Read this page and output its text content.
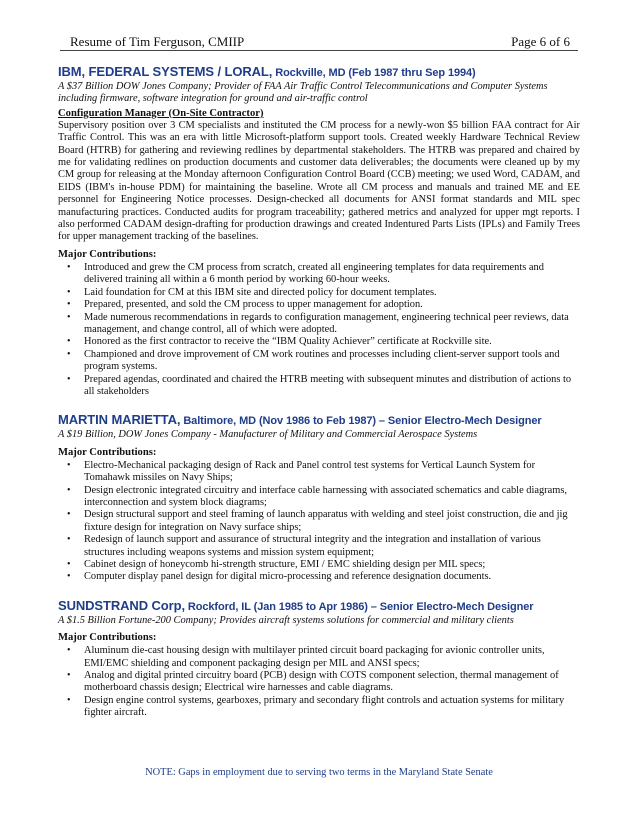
Resume of Tim Ferguson, CMIIP	Page 6 of 6
IBM, FEDERAL SYSTEMS / LORAL, Rockville, MD (Feb 1987 thru Sep 1994)
A $37 Billion DOW Jones Company; Provider of FAA Air Traffic Control Telecommunications and Computer Systems including firmware, software integration for ground and air-traffic control
Configuration Manager (On-Site Contractor)
Supervisory position over 3 CM specialists and instituted the CM process for a newly-won $5 billion FAA contract for Air Traffic Control. This was an era with little Microsoft-platform support tools. Created weekly Hardware Technical Review Board (HTRB) for gathering and reviewing redlines by departmental stakeholders. The HTRB was prepared and chaired by me for validating redlines on production documents and customer data deliverables; the documents were cleaned up by my CM group for releasing at the Monday afternoon Configuration Control Board (CCB) meeting; we used Word, CADAM, and EIDS (IBM's in-house PDM) for maintaining the baseline. Wrote all CM process and manuals and trained ME and EE personnel for Engineering Notice processes. Design-checked all documents for ANSI format standards and MIL spec manufacturing practices. Conducted audits for program traceability; gathered metrics and analyzed for upper mgt reports. I also performed CADAM design-drafting for production drawings and created Indentured Parts Lists (IPLs) and Family Trees for upper management tracking of the baselines.
Major Contributions:
• Introduced and grew the CM process from scratch, created all engineering templates for data requirements and delivered training all within a 6 month period by working 60-hour weeks.
• Laid foundation for CM at this IBM site and directed policy for document templates.
• Prepared, presented, and sold the CM process to upper management for adoption.
• Made numerous recommendations in regards to configuration management, engineering technical peer reviews, data management, and change control, all of which were adopted.
• Honored as the first contractor to receive the “IBM Quality Achiever” certificate at Rockville site.
• Championed and drove improvement of CM work routines and processes including client-server support tools and program systems.
• Prepared agendas, coordinated and chaired the HTRB meeting with subsequent minutes and distribution of actions to all stakeholders
MARTIN MARIETTA, Baltimore, MD (Nov 1986 to Feb 1987) – Senior Electro-Mech Designer
A $19 Billion, DOW Jones Company - Manufacturer of Military and Commercial Aerospace Systems
Major Contributions:
• Electro-Mechanical packaging design of Rack and Panel control test systems for Vertical Launch System for Tomahawk missiles on Navy Ships;
• Design electronic integrated circuitry and interface cable harnessing with associated schematics and cable diagrams, interconnection and system block diagrams;
• Design structural support and steel framing of launch apparatus with welding and steel joist construction, die and jig fixture design for integration on Navy surface ships;
• Redesign of launch support and assurance of structural integrity and the integration and installation of various structures including weapons systems and mission system equipment;
• Cabinet design of honeycomb hi-strength structure, EMI / EMC shielding design per MIL specs;
• Computer display panel design for digital micro-processing and reference designation documents.
SUNDSTRAND Corp, Rockford, IL (Jan 1985 to Apr 1986) – Senior Electro-Mech Designer
A $1.5 Billion Fortune-200 Company; Provides aircraft systems solutions for commercial and military clients
Major Contributions:
• Aluminum die-cast housing design with multilayer printed circuit board packaging for avionic controller units, EMI/EMC shielding and component packaging design per MIL and ANSI specs;
• Analog and digital printed circuitry board (PCB) design with COTS component selection, thermal management of motherboard chassis design; Electrical wire harnesses and cable diagrams.
• Design engine control systems, gearboxes, primary and secondary flight controls and actuation systems for military fighter aircraft.
NOTE: Gaps in employment due to serving two terms in the Maryland State Senate
